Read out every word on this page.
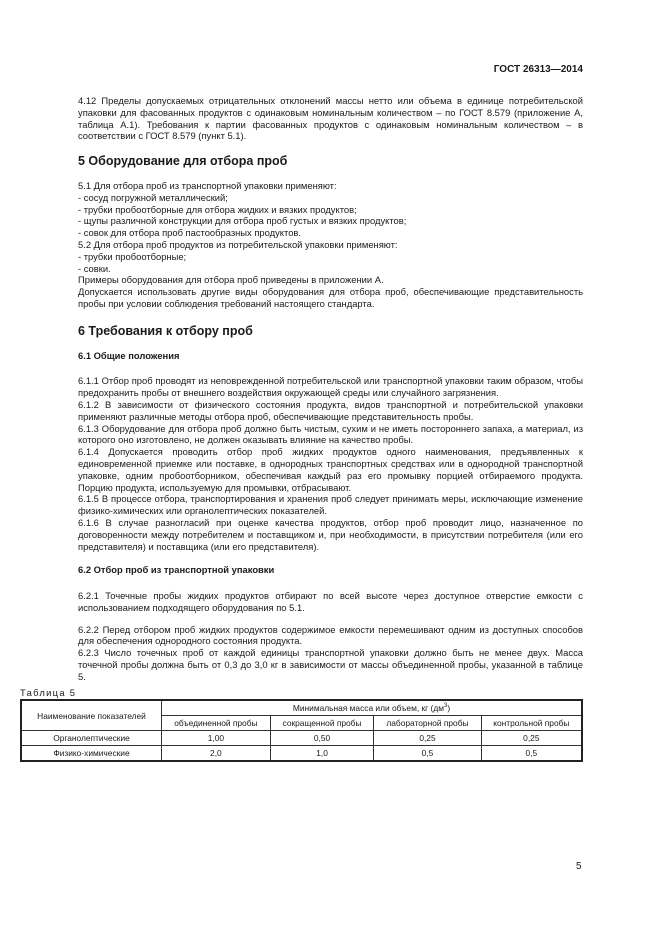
ГОСТ 26313—2014

4.12 Пределы допускаемых отрицательных отклонений массы нетто или объема в единице потребительской упаковки для фасованных продуктов с одинаковым номинальным количеством – по ГОСТ 8.579 (приложение А, таблица А.1). Требования к партии фасованных продуктов с одинаковым номинальным количеством – в соответствии с ГОСТ 8.579 (пункт 5.1).

5 Оборудование для отбора проб

5.1 Для отбора проб из транспортной упаковки применяют:

- сосуд погружной металлический;

- трубки пробоотборные для отбора жидких и вязких продуктов;

- щупы различной конструкции для отбора проб густых и вязких продуктов;

- совок для отбора проб пастообразных продуктов.

5.2 Для отбора проб продуктов из потребительской упаковки применяют:

- трубки пробоотборные;

- совки.

Примеры оборудования для отбора проб приведены в приложении А.

Допускается использовать другие виды оборудования для отбора проб, обеспечивающие представительность пробы при условии соблюдения требований настоящего стандарта.

6 Требования к отбору проб
6.1 Общие положения

6.1.1 Отбор проб проводят из неповрежденной потребительской или транспортной упаковки таким образом, чтобы предохранить пробы от внешнего воздействия окружающей среды или случайного загрязнения.

6.1.2 В зависимости от физического состояния продукта, видов транспортной и потребительской упаковки применяют различные методы отбора проб, обеспечивающие представительность пробы.

6.1.3 Оборудование для отбора проб должно быть чистым, сухим и не иметь постороннего запаха, а материал, из которого оно изготовлено, не должен оказывать влияние на качество пробы.

6.1.4 Допускается проводить отбор проб жидких продуктов одного наименования, предъявленных к единовременной приемке или поставке, в однородных транспортных средствах или в однородной транспортной упаковке, одним пробоотборником, обеспечивая каждый раз его промывку порцией отбираемого продукта. Порцию продукта, используемую для промывки, отбрасывают.

6.1.5 В процессе отбора, транспортирования и хранения проб следует принимать меры, исключающие изменение физико-химических или органолептических показателей.

6.1.6 В случае разногласий при оценке качества продуктов, отбор проб проводит лицо, назначенное по договоренности между потребителем и поставщиком и, при необходимости, в присутствии потребителя (или его представителя) и поставщика (или его представителя).

6.2 Отбор проб из транспортной упаковки

6.2.1 Точечные пробы жидких продуктов отбирают по всей высоте через доступное отверстие емкости с использованием подходящего оборудования по 5.1.

6.2.2 Перед отбором проб жидких продуктов содержимое емкости перемешивают одним из доступных способов для обеспечения однородного состояния продукта.

6.2.3 Число точечных проб от каждой единицы транспортной упаковки должно быть не менее двух. Масса точечной пробы должна быть от 0,3 до 3,0 кг в зависимости от массы объединенной пробы, указанной в таблице 5.

Таблица 5
Наименование показателей	Минимальная масса или объем, кг $(дм^3)$			
	объединенной пробы	сокращенной пробы	лабораторной пробы	контрольной пробы
Органолептические	1,00	0,50	0,25	0,25
Физико-химические	2,0	1,0	0,5	0,5
5
